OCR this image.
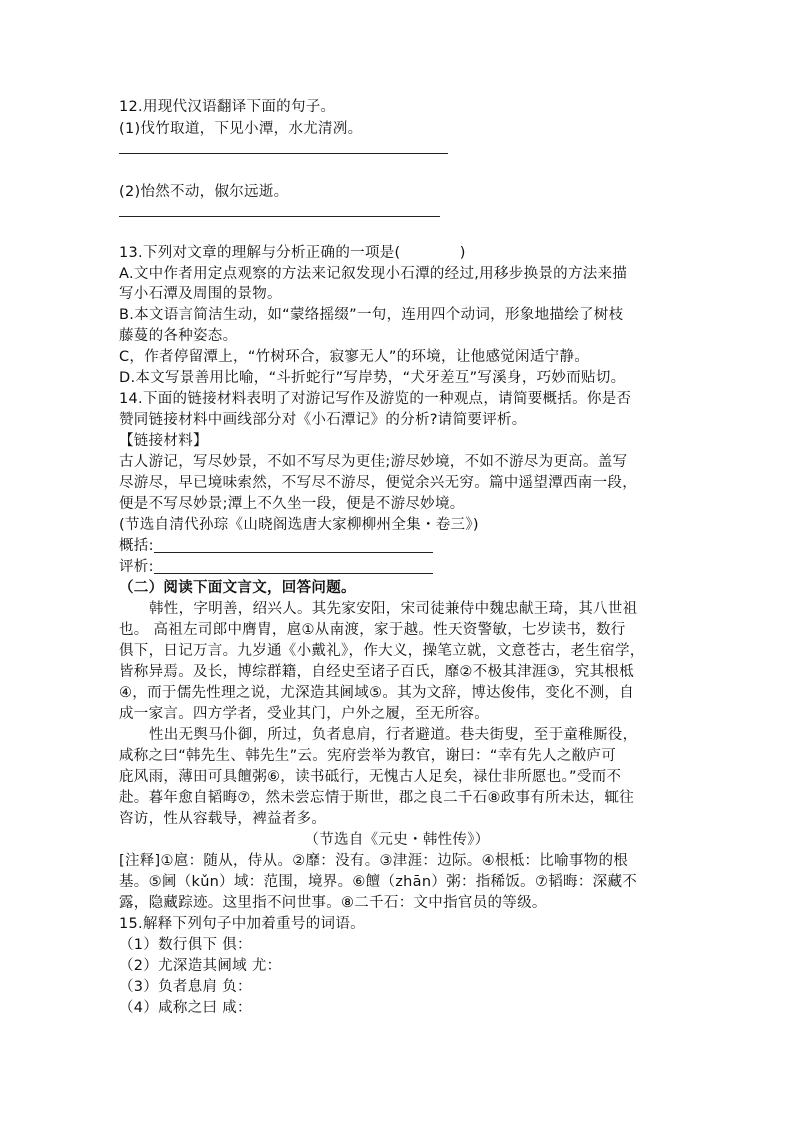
12.用现代汉语翻译下面的句子。
(1)伐竹取道，下见小潭，水尤清冽。
(2)怡然不动，俶尔远逝。
13.下列对文章的理解与分析正确的一项是(　　　　)
A.文中作者用定点观察的方法来记叙发现小石潭的经过,用移步换景的方法来描
写小石潭及周围的景物。
B.本文语言简洁生动，如“蒙络摇缀”一句，连用四个动词，形象地描绘了树枝
藤蔓的各种姿态。
C，作者停留潭上，“竹树环合，寂寥无人”的环境，让他感觉闲适宁静。
D.本文写景善用比喻，“斗折蛇行”写岸势，“犬牙差互”写溪身，巧妙而贴切。
14.下面的链接材料表明了对游记写作及游览的一种观点，请简要概括。你是否
赞同链接材料中画线部分对《小石潭记》的分析?请简要评析。
【链接材料】
古人游记，写尽妙景，不如不写尽为更佳;游尽妙境，不如不游尽为更高。盖写
尽游尽，早已境味索然，不写尽不游尽，便觉余兴无穷。篇中遥望潭西南一段，
便是不写尽妙景;潭上不久坐一段，便是不游尽妙境。
(节选自清代孙琮《山晓阁选唐大家柳柳州全集・卷三》)
概括:
评析:
（二）阅读下面文言文，回答问题。
韩性，字明善，绍兴人。其先家安阳，宋司徒兼侍中魏忠献王琦，其八世祖
也。 高祖左司郎中膺胄，扈①从南渡，家于越。性天资警敏，七岁读书，数行
俱下，日记万言。九岁通《小戴礼》，作大义，操笔立就，文意苍古，老生宿学，
皆称异焉。及长，博综群籍，自经史至诸子百氏，靡②不极其津涯③，究其根柢
④，而于儒先性理之说，尤深造其阃域⑤。其为文辞，博达俊伟，变化不测，自
成一家言。四方学者，受业其门，户外之履，至无所容。
性出无舆马仆御，所过，负者息肩，行者避道。巷夫街叟，至于童稚厮役，
咸称之曰“韩先生、韩先生”云。宪府尝举为教官，谢曰：“幸有先人之敝庐可
庇风雨，薄田可具饘粥⑥，读书砥行，无愧古人足矣，禄仕非所愿也。”受而不
赴。暮年愈自韬晦⑦，然未尝忘情于斯世，郡之良二千石⑧政事有所未达，辄往
咨访，性从容载导，裨益者多。
（节选自《元史・韩性传》）
[注释]①扈：随从，侍从。②靡：没有。③津涯：边际。④根柢：比喻事物的根
基。⑤阃（kǔn）域：范围，境界。⑥饘（zhān）粥：指稀饭。⑦韬晦：深藏不
露，隐藏踪迹。这里指不问世事。⑧二千石：文中指官员的等级。
15.解释下列句子中加着重号的词语。
（1）数行俱下 俱：
（2）尤深造其阃域 尤：
（3）负者息肩 负：
（4）咸称之曰 咸：
